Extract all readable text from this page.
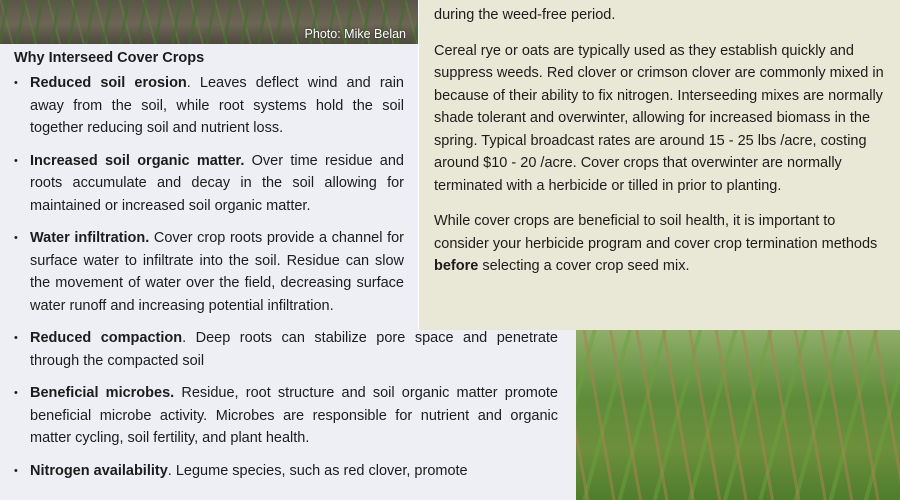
Photo: Mike Belan

during the weed-free period.

Cereal rye or oats are typically used as they establish quickly and suppress weeds. Red clover or crimson clover are commonly mixed in because of their ability to fix nitrogen. Interseeding mixes are normally shade tolerant and overwinter, allowing for increased biomass in the spring. Typical broadcast rates are around 15 - 25 lbs /acre, costing around $10 - 20 /acre. Cover crops that overwinter are normally terminated with a herbicide or tilled in prior to planting.

While cover crops are beneficial to soil health, it is important to consider your herbicide program and cover crop termination methods before selecting a cover crop seed mix.

Why Interseed Cover Crops
• Reduced soil erosion. Leaves deflect wind and rain away from the soil, while root systems hold the soil together reducing soil and nutrient loss.
• Increased soil organic matter. Over time residue and roots accumulate and decay in the soil allowing for maintained or increased soil organic matter.
• Water infiltration. Cover crop roots provide a channel for surface water to infiltrate into the soil. Residue can slow the movement of water over the field, decreasing surface water runoff and increasing potential infiltration.
• Reduced compaction. Deep roots can stabilize pore space and penetrate through the compacted soil
• Beneficial microbes. Residue, root structure and soil organic matter promote beneficial microbe activity. Microbes are responsible for nutrient and organic matter cycling, soil fertility, and plant health.
• Nitrogen availability. Legume species, such as red clover, promote
